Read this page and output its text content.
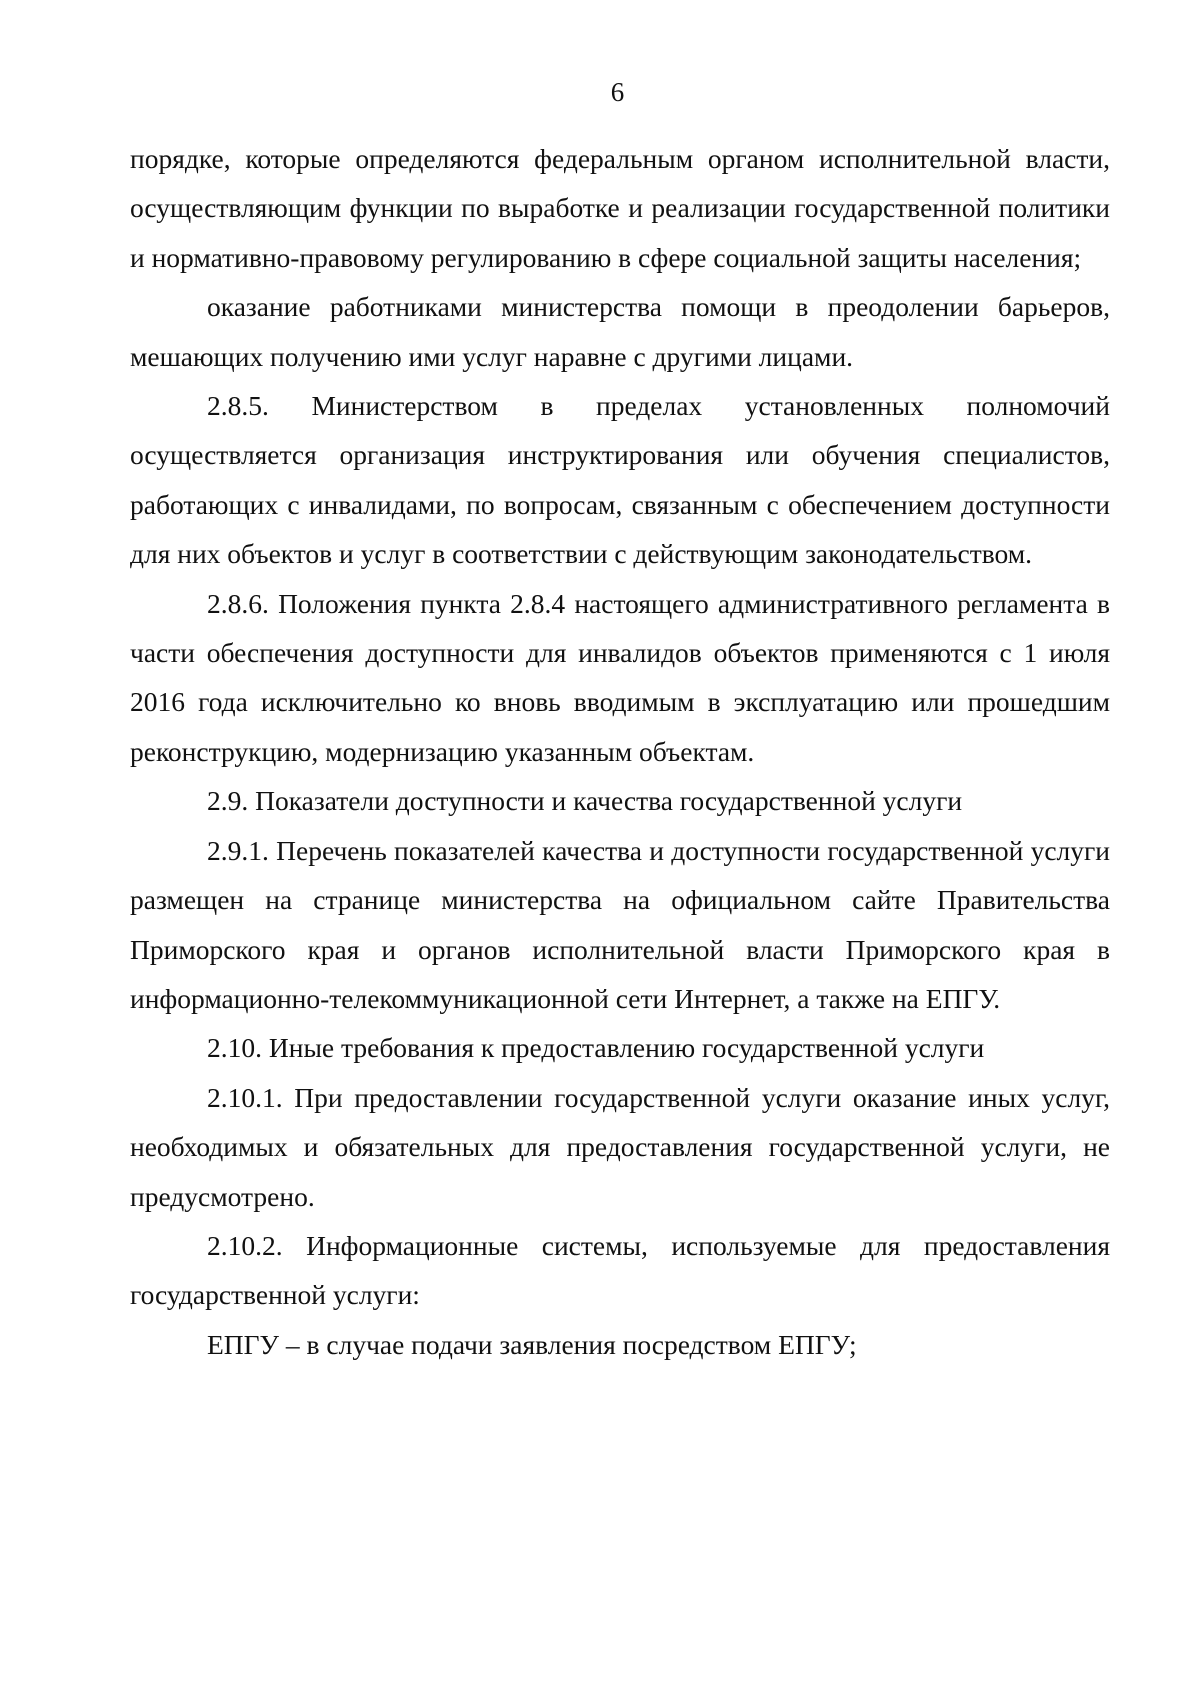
6

порядке, которые определяются федеральным органом исполнительной власти, осуществляющим функции по выработке и реализации государственной политики и нормативно-правовому регулированию в сфере социальной защиты населения;

оказание работниками министерства помощи в преодолении барьеров, мешающих получению ими услуг наравне с другими лицами.

2.8.5. Министерством в пределах установленных полномочий осуществляется организация инструктирования или обучения специалистов, работающих с инвалидами, по вопросам, связанным с обеспечением доступности для них объектов и услуг в соответствии с действующим законодательством.

2.8.6. Положения пункта 2.8.4 настоящего административного регламента в части обеспечения доступности для инвалидов объектов применяются с 1 июля 2016 года исключительно ко вновь вводимым в эксплуатацию или прошедшим реконструкцию, модернизацию указанным объектам.

2.9. Показатели доступности и качества государственной услуги

2.9.1. Перечень показателей качества и доступности государственной услуги размещен на странице министерства на официальном сайте Правительства Приморского края и органов исполнительной власти Приморского края в информационно-телекоммуникационной сети Интернет, а также на ЕПГУ.

2.10. Иные требования к предоставлению государственной услуги

2.10.1. При предоставлении государственной услуги оказание иных услуг, необходимых и обязательных для предоставления государственной услуги, не предусмотрено.

2.10.2. Информационные системы, используемые для предоставления государственной услуги:

ЕПГУ – в случае подачи заявления посредством ЕПГУ;
